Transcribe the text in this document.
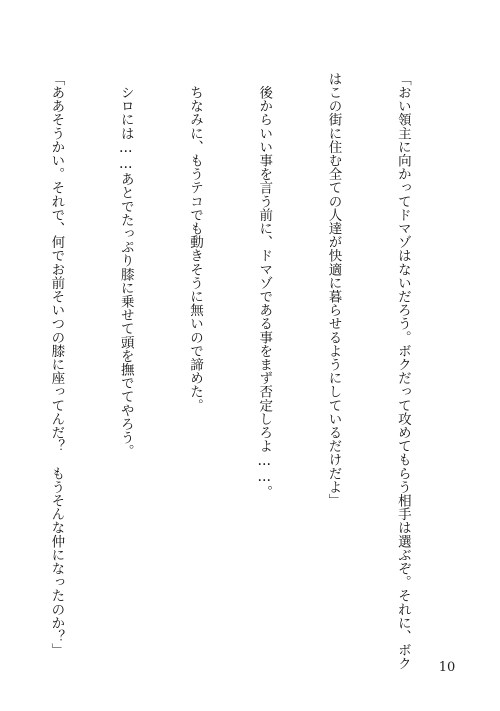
「おい領主に向かってドマゾはないだろう。ボクだって攻めてもらう相手は選ぶぞ。それに、ボク

はこの街に住む全ての人達が快適に暮らせるようにしているだけだよ」

　後からいい事を言う前に、ドマゾである事をまず否定しろよ……。

　ちなみに、もうテコでも動きそうに無いので諦めた。

　シロには……あとでたっぷり膝に乗せて頭を撫でてやろう。

「ああそうかい。それで、何でお前そいつの膝に座ってんだ？　もうそんな仲になったのか？」

10
